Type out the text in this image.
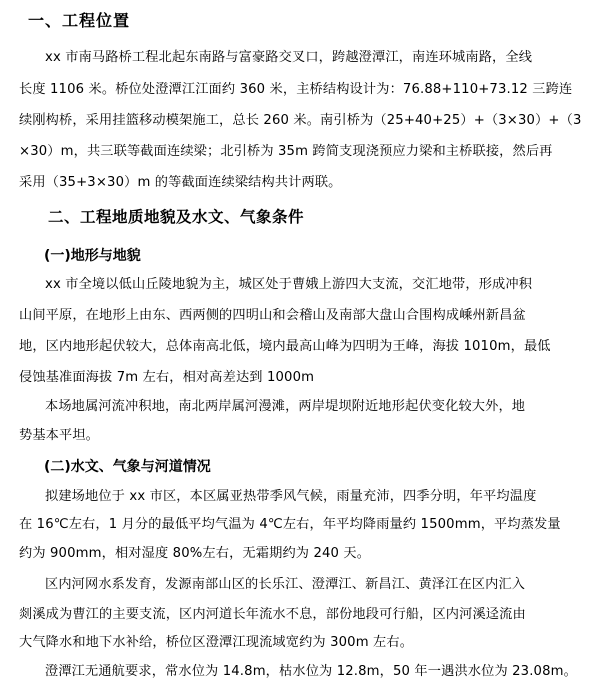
一、工程位置
xx 市南马路桥工程北起东南路与富豪路交叉口，跨越澄潭江，南连环城南路，全线
长度 1106 米。桥位处澄潭江江面约 360 米，主桥结构设计为：76.88+110+73.12 三跨连
续刚构桥，采用挂篮移动模架施工，总长 260 米。南引桥为（25+40+25）+（3×30）+（3
×30）m，共三联等截面连续梁；北引桥为 35m 跨简支现浇预应力梁和主桥联接，然后再
采用（35+3×30）m 的等截面连续梁结构共计两联。
二、工程地质地貌及水文、气象条件
(一)地形与地貌
xx 市全境以低山丘陵地貌为主，城区处于曹娥上游四大支流，交汇地带，形成冲积
山间平原，在地形上由东、西两侧的四明山和会稽山及南部大盘山合围构成嵊州新昌盆
地，区内地形起伏较大，总体南高北低，境内最高山峰为四明为王峰，海拔 1010m，最低
侵蚀基准面海拔 7m 左右，相对高差达到 1000m
本场地属河流冲积地，南北两岸属河漫滩，两岸堤坝附近地形起伏变化较大外，地
势基本平坦。
(二)水文、气象与河道情况
拟建场地位于 xx 市区，本区属亚热带季风气候，雨量充沛，四季分明，年平均温度
在 16℃左右，1 月分的最低平均气温为 4℃左右，年平均降雨量约 1500mm，平均蒸发量
约为 900mm，相对湿度 80%左右，无霜期约为 240 天。
区内河网水系发育，发源南部山区的长乐江、澄潭江、新昌江、黄泽江在区内汇入
剡溪成为曹江的主要支流，区内河道长年流水不息，部份地段可行船，区内河溪迳流由
大气降水和地下水补给，桥位区澄潭江现流域宽约为 300m 左右。
澄潭江无通航要求，常水位为 14.8m，枯水位为 12.8m，50 年一遇洪水位为 23.08m。
